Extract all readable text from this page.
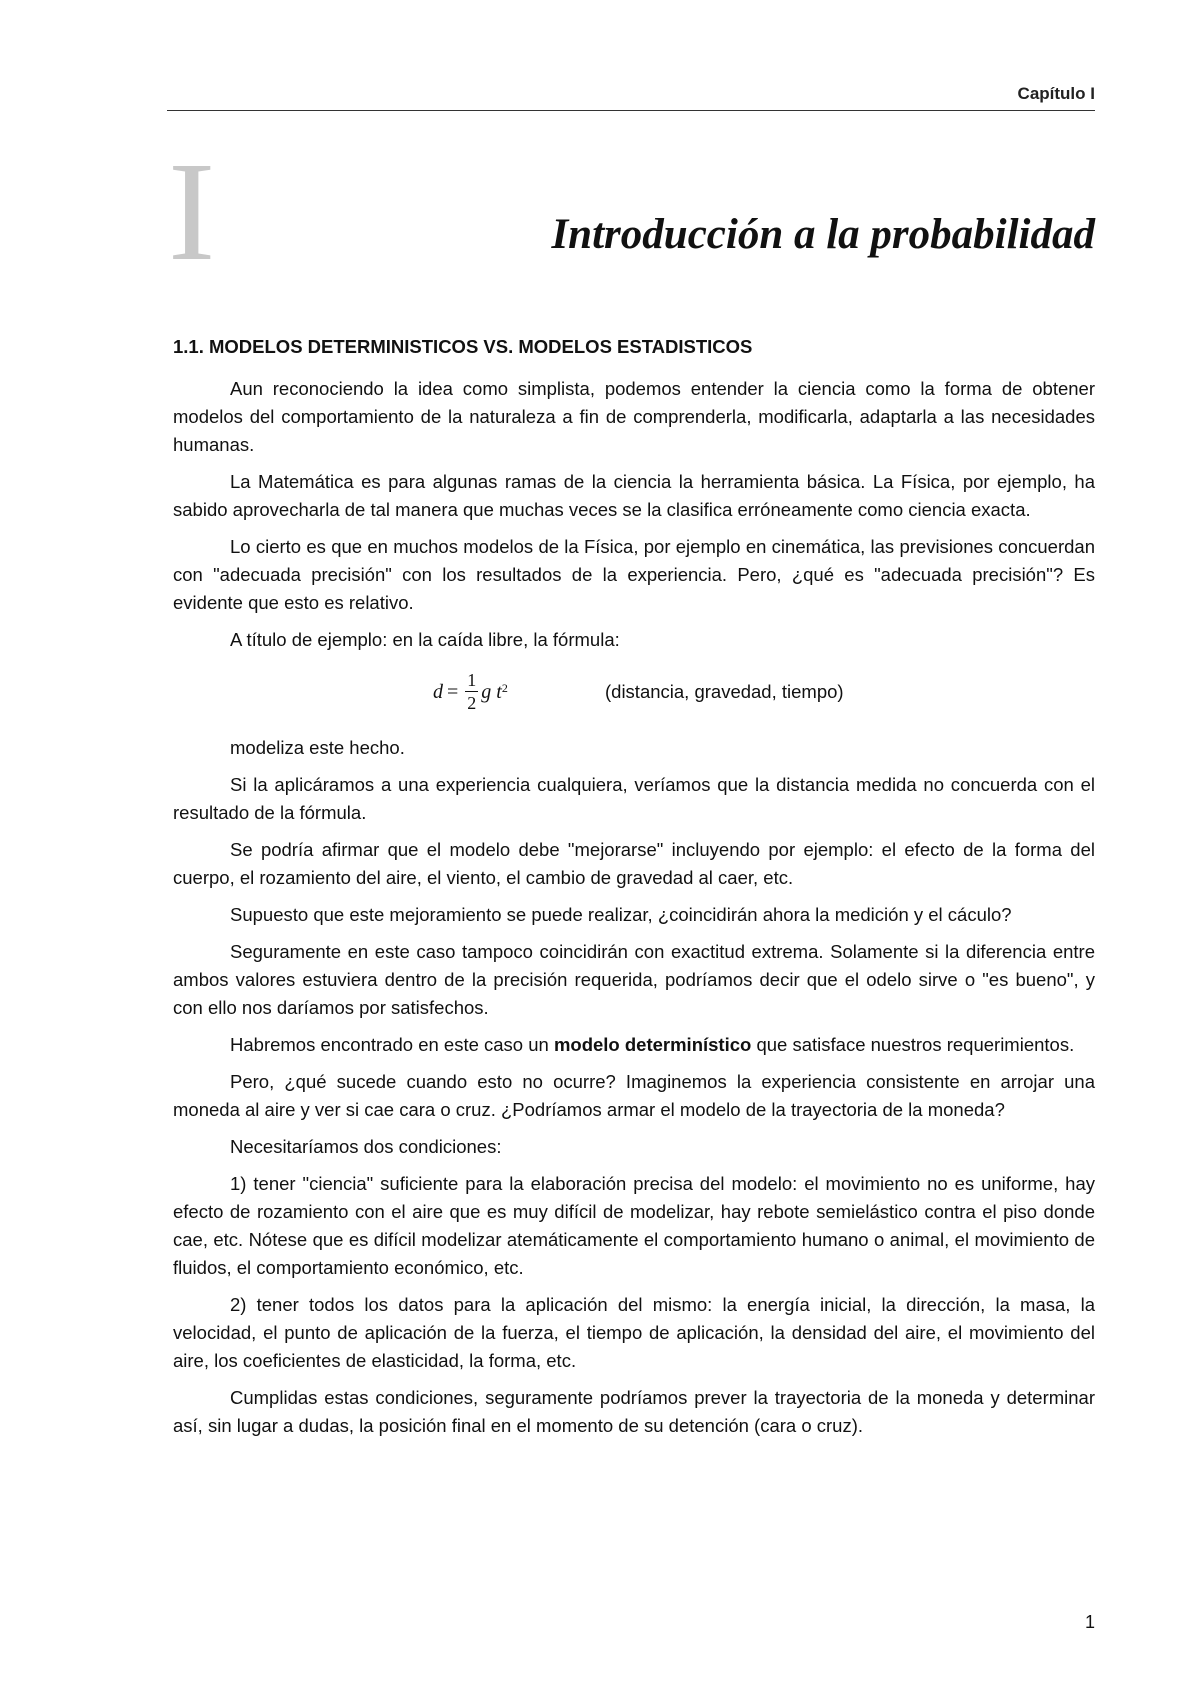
Capítulo I
I	Introducción a la probabilidad
1.1. MODELOS DETERMINISTICOS VS. MODELOS ESTADISTICOS

Aun reconociendo la idea como simplista, podemos entender la ciencia como la forma de obtener modelos del comportamiento de la naturaleza a fin de comprenderla, modificarla, adaptarla a las necesidades humanas.

La Matemática es para algunas ramas de la ciencia la herramienta básica. La Física, por ejemplo, ha sabido aprovecharla de tal manera que muchas veces se la clasifica erróneamente como ciencia exacta.

Lo cierto es que en muchos modelos de la Física, por ejemplo en cinemática, las previsiones concuerdan con "adecuada precisión" con los resultados de la experiencia. Pero, ¿qué es "adecuada precisión"? Es evidente que esto es relativo.

A título de ejemplo: en la caída libre, la fórmula:

$d = \frac{1}{2}$ g $t^2$	(distancia, gravedad, tiempo)

modeliza este hecho.

Si la aplicáramos a una experiencia cualquiera, veríamos que la distancia medida no concuerda con el resultado de la fórmula.

Se podría afirmar que el modelo debe "mejorarse" incluyendo por ejemplo: el efecto de la forma del cuerpo, el rozamiento del aire, el viento, el cambio de gravedad al caer, etc.

Supuesto que este mejoramiento se puede realizar, ¿coincidirán ahora la medición y el cáculo?

Seguramente en este caso tampoco coincidirán con exactitud extrema. Solamente si la diferencia entre ambos valores estuviera dentro de la precisión requerida, podríamos decir que el odelo sirve o "es bueno", y con ello nos daríamos por satisfechos.

Habremos encontrado en este caso un modelo determinístico que satisface nuestros requerimientos.

Pero, ¿qué sucede cuando esto no ocurre? Imaginemos la experiencia consistente en arrojar una moneda al aire y ver si cae cara o cruz. ¿Podríamos armar el modelo de la trayectoria de la moneda?

Necesitaríamos dos condiciones:

1) tener "ciencia" suficiente para la elaboración precisa del modelo: el movimiento no es uniforme, hay efecto de rozamiento con el aire que es muy difícil de modelizar, hay rebote semielástico contra el piso donde cae, etc. Nótese que es difícil modelizar atemáticamente el comportamiento humano o animal, el movimiento de fluidos, el comportamiento económico, etc.

2) tener todos los datos para la aplicación del mismo: la energía inicial, la dirección, la masa, la velocidad, el punto de aplicación de la fuerza, el tiempo de aplicación, la densidad del aire, el movimiento del aire, los coeficientes de elasticidad, la forma, etc.

Cumplidas estas condiciones, seguramente podríamos prever la trayectoria de la moneda y determinar así, sin lugar a dudas, la posición final en el momento de su detención (cara o cruz).

1
